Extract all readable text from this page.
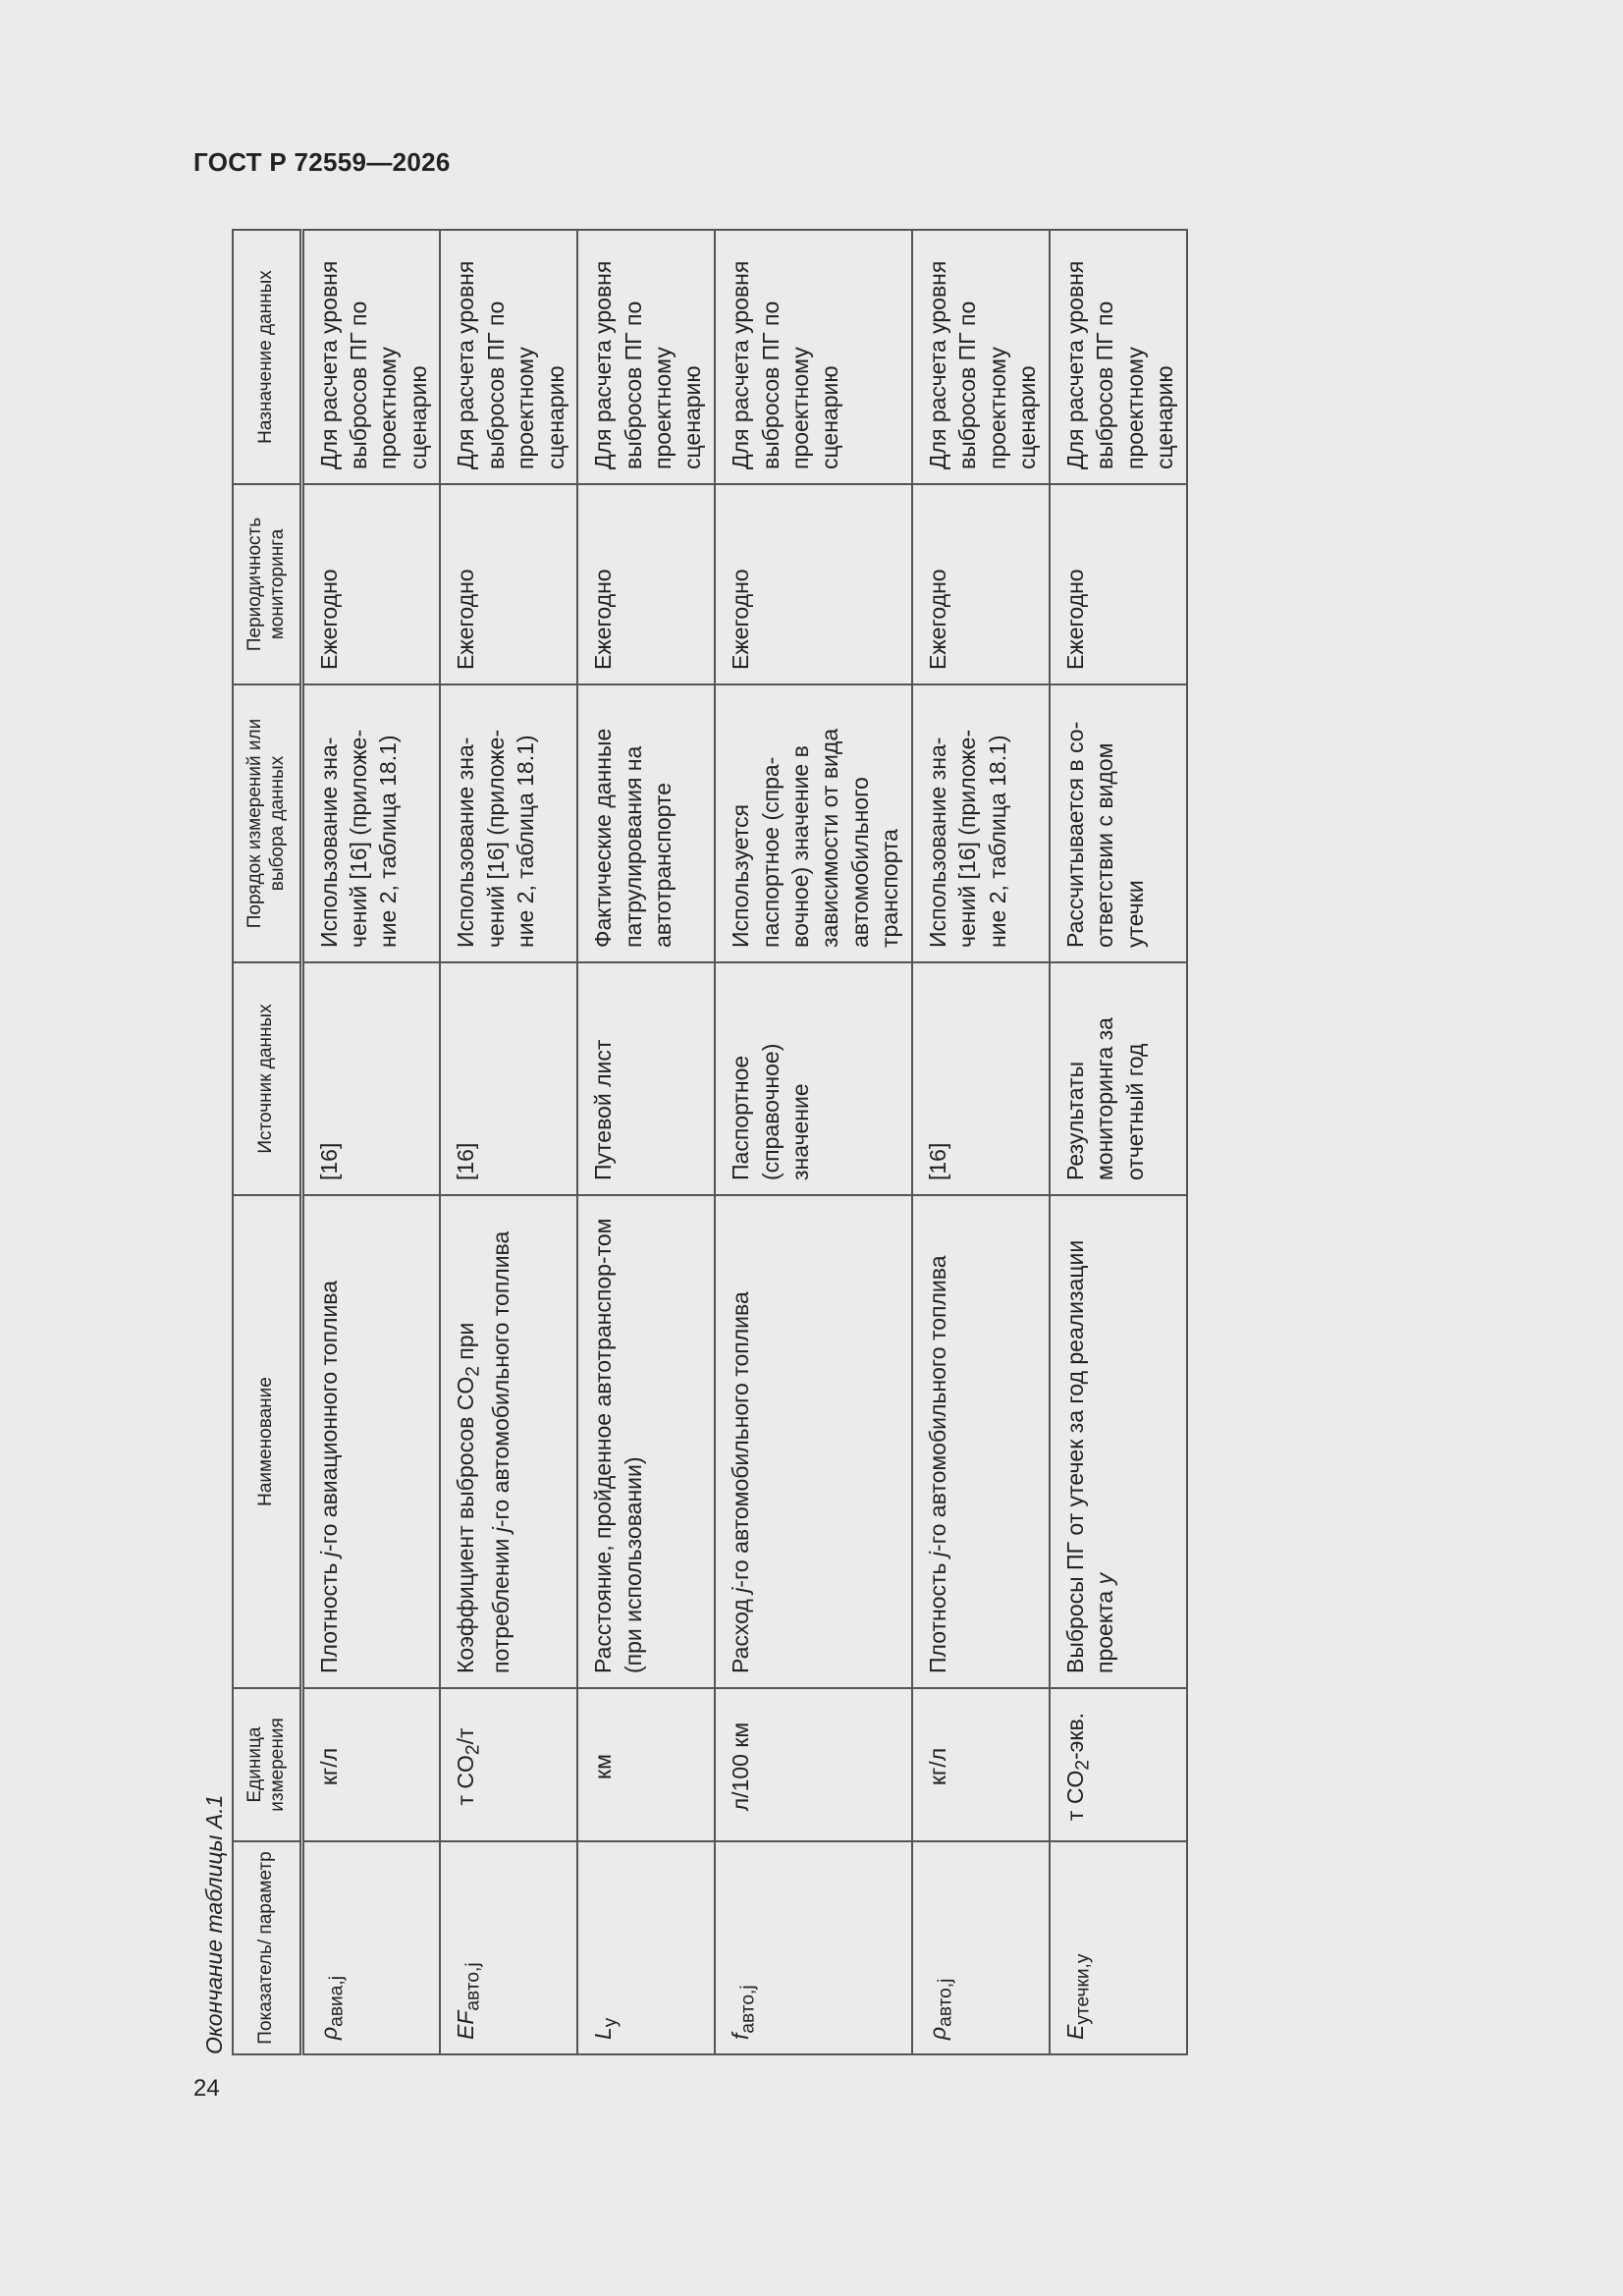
ГОСТ Р 72559—2026
Окончание таблицы А.1
24
Показатель/ параметр	Единица измерения	Наименование	Источник данных	Порядок измерений или выбора данных	Периодичность мониторинга	Назначение данных
$\rho_{авиа,j}$	кг/л	Плотность j-го авиационного топлива	[16]	Использование зна-чений [16] (приложе-ние 2, таблица 18.1)	Ежегодно	Для расчета уровня выбросов ПГ по проектному сценарию
$EF_{авто,j}$	т $CO_2/т$	Коэффициент выбросов $CO_2$ при потреблении j-го автомобильного топлива	[16]	Использование зна-чений [16] (приложе-ние 2, таблица 18.1)	Ежегодно	Для расчета уровня выбросов ПГ по проектному сценарию
$L_y$	км	Расстояние, пройденное автотранспор-том (при использовании)	Путевой лист	Фактические данные патрулирования на автотранспорте	Ежегодно	Для расчета уровня выбросов ПГ по проектному сценарию
$f_{авто,j}$	л/100 км	Расход j-го автомобильного топлива	Паспортное (справочное) значение	Используется паспортное (спра-вочное) значение в зависимости от вида автомобильного транспорта	Ежегодно	Для расчета уровня выбросов ПГ по проектному сценарию
$\rho_{авто,j}$	кг/л	Плотность j-го автомобильного топлива	[16]	Использование зна-чений [16] (приложе-ние 2, таблица 18.1)	Ежегодно	Для расчета уровня выбросов ПГ по проектному сценарию
$E_{утечки,y}$	т $CO_2$-экв.	Выбросы ПГ от утечек за год реализации проекта y	Результаты мониторинга за отчетный год	Рассчитывается в со-ответствии с видом утечки	Ежегодно	Для расчета уровня выбросов ПГ по проектному сценарию
